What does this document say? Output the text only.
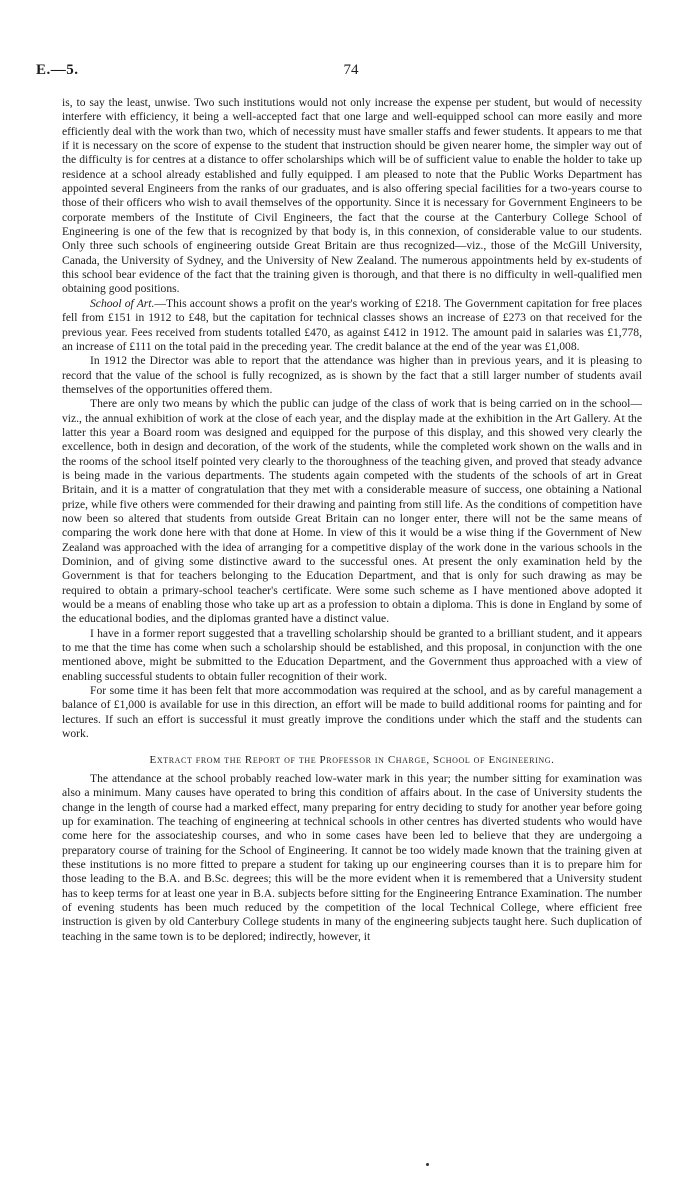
E.—5.	74

is, to say the least, unwise. Two such institutions would not only increase the expense per student, but would of necessity interfere with efficiency, it being a well-accepted fact that one large and well-equipped school can more easily and more efficiently deal with the work than two, which of necessity must have smaller staffs and fewer students. It appears to me that if it is necessary on the score of expense to the student that instruction should be given nearer home, the simpler way out of the difficulty is for centres at a distance to offer scholarships which will be of sufficient value to enable the holder to take up residence at a school already established and fully equipped. I am pleased to note that the Public Works Department has appointed several Engineers from the ranks of our graduates, and is also offering special facilities for a two-years course to those of their officers who wish to avail themselves of the opportunity. Since it is necessary for Government Engineers to be corporate members of the Institute of Civil Engineers, the fact that the course at the Canterbury College School of Engineering is one of the few that is recognized by that body is, in this connexion, of considerable value to our students. Only three such schools of engineering outside Great Britain are thus recognized—viz., those of the McGill University, Canada, the University of Sydney, and the University of New Zealand. The numerous appointments held by ex-students of this school bear evidence of the fact that the training given is thorough, and that there is no difficulty in well-qualified men obtaining good positions.

School of Art.—This account shows a profit on the year's working of £218. The Government capitation for free places fell from £151 in 1912 to £48, but the capitation for technical classes shows an increase of £273 on that received for the previous year. Fees received from students totalled £470, as against £412 in 1912. The amount paid in salaries was £1,778, an increase of £111 on the total paid in the preceding year. The credit balance at the end of the year was £1,008.

In 1912 the Director was able to report that the attendance was higher than in previous years, and it is pleasing to record that the value of the school is fully recognized, as is shown by the fact that a still larger number of students avail themselves of the opportunities offered them.

There are only two means by which the public can judge of the class of work that is being carried on in the school—viz., the annual exhibition of work at the close of each year, and the display made at the exhibition in the Art Gallery. At the latter this year a Board room was designed and equipped for the purpose of this display, and this showed very clearly the excellence, both in design and decoration, of the work of the students, while the completed work shown on the walls and in the rooms of the school itself pointed very clearly to the thoroughness of the teaching given, and proved that steady advance is being made in the various departments. The students again competed with the students of the schools of art in Great Britain, and it is a matter of congratulation that they met with a considerable measure of success, one obtaining a National prize, while five others were commended for their drawing and painting from still life. As the conditions of competition have now been so altered that students from outside Great Britain can no longer enter, there will not be the same means of comparing the work done here with that done at Home. In view of this it would be a wise thing if the Government of New Zealand was approached with the idea of arranging for a competitive display of the work done in the various schools in the Dominion, and of giving some distinctive award to the successful ones. At present the only examination held by the Government is that for teachers belonging to the Education Department, and that is only for such drawing as may be required to obtain a primary-school teacher's certificate. Were some such scheme as I have mentioned above adopted it would be a means of enabling those who take up art as a profession to obtain a diploma. This is done in England by some of the educational bodies, and the diplomas granted have a distinct value.

I have in a former report suggested that a travelling scholarship should be granted to a brilliant student, and it appears to me that the time has come when such a scholarship should be established, and this proposal, in conjunction with the one mentioned above, might be submitted to the Education Department, and the Government thus approached with a view of enabling successful students to obtain fuller recognition of their work.

For some time it has been felt that more accommodation was required at the school, and as by careful management a balance of £1,000 is available for use in this direction, an effort will be made to build additional rooms for painting and for lectures. If such an effort is successful it must greatly improve the conditions under which the staff and the students can work.

Extract from the Report of the Professor in Charge, School of Engineering.

The attendance at the school probably reached low-water mark in this year; the number sitting for examination was also a minimum. Many causes have operated to bring this condition of affairs about. In the case of University students the change in the length of course had a marked effect, many preparing for entry deciding to study for another year before going up for examination. The teaching of engineering at technical schools in other centres has diverted students who would have come here for the associateship courses, and who in some cases have been led to believe that they are undergoing a preparatory course of training for the School of Engineering. It cannot be too widely made known that the training given at these institutions is no more fitted to prepare a student for taking up our engineering courses than it is to prepare him for those leading to the B.A. and B.Sc. degrees; this will be the more evident when it is remembered that a University student has to keep terms for at least one year in B.A. subjects before sitting for the Engineering Entrance Examination. The number of evening students has been much reduced by the competition of the local Technical College, where efficient free instruction is given by old Canterbury College students in many of the engineering subjects taught here. Such duplication of teaching in the same town is to be deplored; indirectly, however, it
